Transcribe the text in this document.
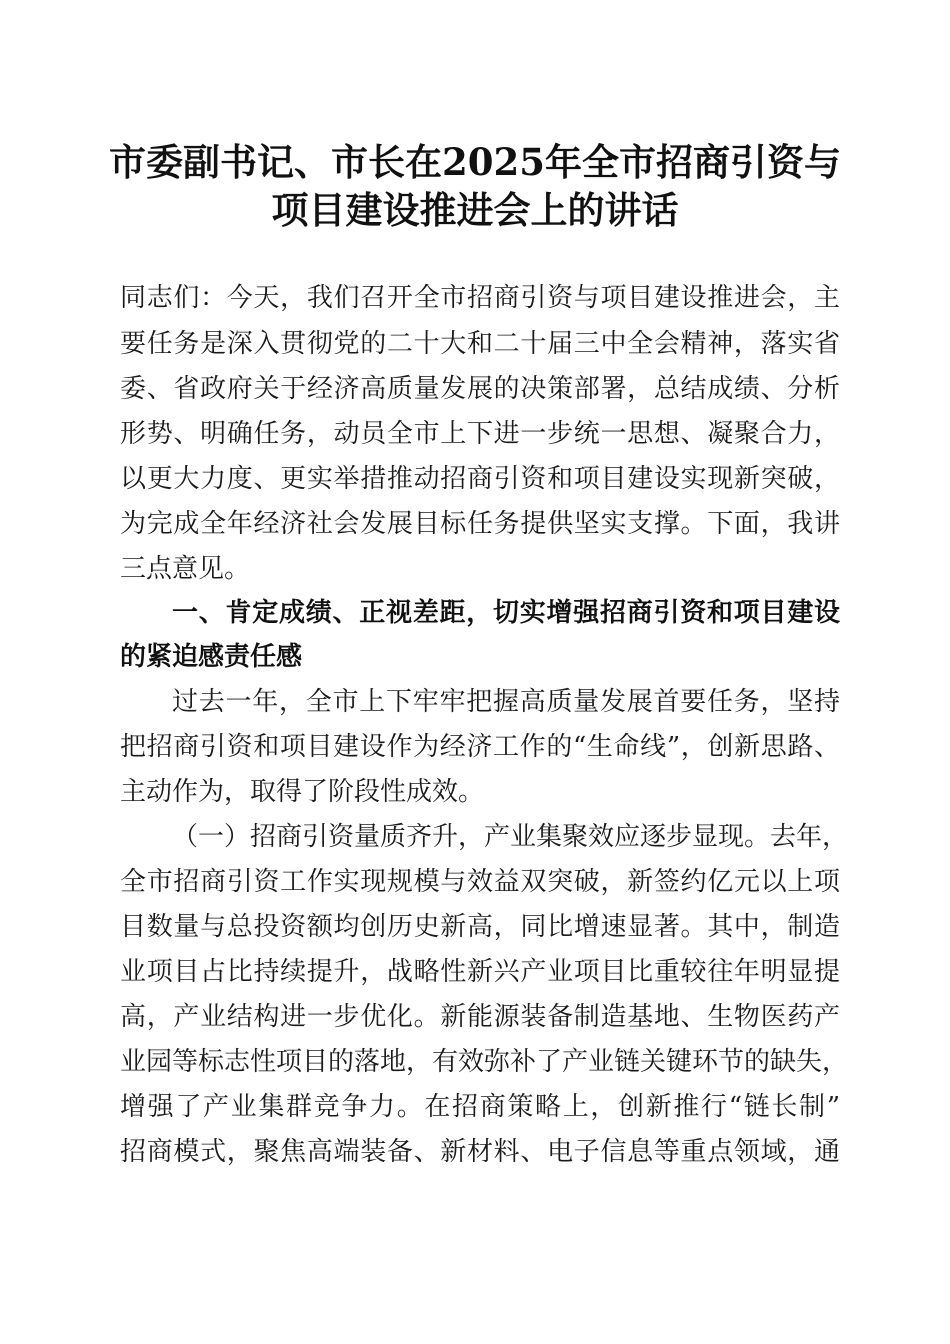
市委副书记、市长在2025年全市招商引资与
项目建设推进会上的讲话
同志们：今天，我们召开全市招商引资与项目建设推进会，主
要任务是深入贯彻党的二十大和二十届三中全会精神，落实省
委、省政府关于经济高质量发展的决策部署，总结成绩、分析
形势、明确任务，动员全市上下进一步统一思想、凝聚合力，
以更大力度、更实举措推动招商引资和项目建设实现新突破，
为完成全年经济社会发展目标任务提供坚实支撑。下面，我讲
三点意见。
一、肯定成绩、正视差距，切实增强招商引资和项目建设
的紧迫感责任感
过去一年，全市上下牢牢把握高质量发展首要任务，坚持
把招商引资和项目建设作为经济工作的“生命线”，创新思路、
主动作为，取得了阶段性成效。
（一）招商引资量质齐升，产业集聚效应逐步显现。去年，
全市招商引资工作实现规模与效益双突破，新签约亿元以上项
目数量与总投资额均创历史新高，同比增速显著。其中，制造
业项目占比持续提升，战略性新兴产业项目比重较往年明显提
高，产业结构进一步优化。新能源装备制造基地、生物医药产
业园等标志性项目的落地，有效弥补了产业链关键环节的缺失，
增强了产业集群竞争力。在招商策略上，创新推行“链长制”
招商模式，聚焦高端装备、新材料、电子信息等重点领域，通
